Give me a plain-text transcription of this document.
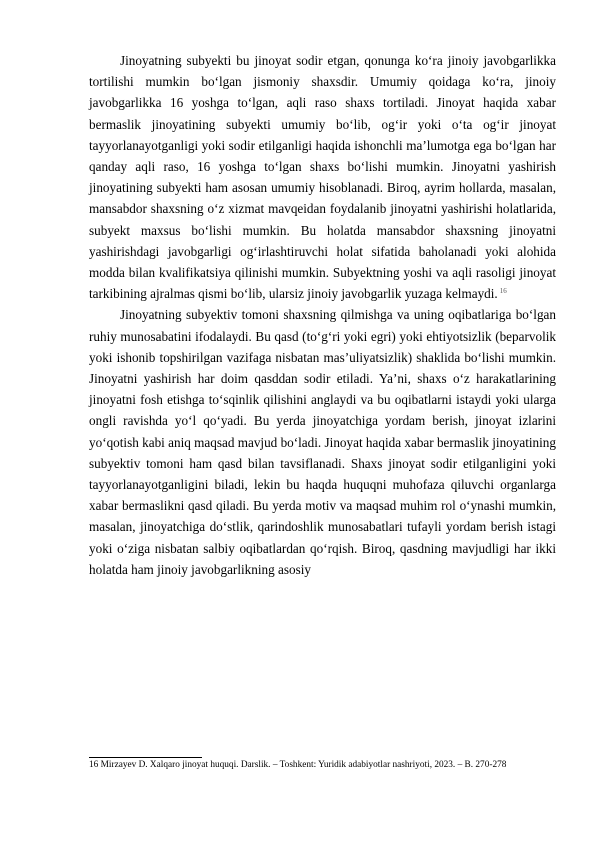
Jinoyatning subyekti bu jinoyat sodir etgan, qonunga koʻra jinoiy javobgarlikka tortilishi mumkin boʻlgan jismoniy shaxsdir. Umumiy qoidaga koʻra, jinoiy javobgarlikka 16 yoshga toʻlgan, aqli raso shaxs tortiladi. Jinoyat haqida xabar bermaslik jinoyatining subyekti umumiy boʻlib, ogʻir yoki oʻta ogʻir jinoyat tayyorlanayotganligi yoki sodir etilganligi haqida ishonchli maʼlumotga ega boʻlgan har qanday aqli raso, 16 yoshga toʻlgan shaxs boʻlishi mumkin. Jinoyatni yashirish jinoyatining subyekti ham asosan umumiy hisoblanadi. Biroq, ayrim hollarda, masalan, mansabdor shaxsning oʻz xizmat mavqeidan foydalanib jinoyatni yashirishi holatlarida, subyekt maxsus boʻlishi mumkin. Bu holatda mansabdor shaxsning jinoyatni yashirishdagi javobgarligi ogʻirlashtiruvchi holat sifatida baholanadi yoki alohida modda bilan kvalifikatsiya qilinishi mumkin. Subyektning yoshi va aqli rasoligi jinoyat tarkibining ajralmas qismi boʻlib, ularsiz jinoiy javobgarlik yuzaga kelmaydi. $^{16}$

Jinoyatning subyektiv tomoni shaxsning qilmishga va uning oqibatlariga boʻlgan ruhiy munosabatini ifodalaydi. Bu qasd (toʻgʻri yoki egri) yoki ehtiyotsizlik (beparvolik yoki ishonib topshirilgan vazifaga nisbatan masʼuliyatsizlik) shaklida boʻlishi mumkin. Jinoyatni yashirish har doim qasddan sodir etiladi. Yaʼni, shaxs oʻz harakatlarining jinoyatni fosh etishga toʻsqinlik qilishini anglaydi va bu oqibatlarni istaydi yoki ularga ongli ravishda yoʻl qoʻyadi. Bu yerda jinoyatchiga yordam berish, jinoyat izlarini yoʻqotish kabi aniq maqsad mavjud boʻladi. Jinoyat haqida xabar bermaslik jinoyatining subyektiv tomoni ham qasd bilan tavsiflanadi. Shaxs jinoyat sodir etilganligini yoki tayyorlanayotganligini biladi, lekin bu haqda huquqni muhofaza qiluvchi organlarga xabar bermaslikni qasd qiladi. Bu yerda motiv va maqsad muhim rol oʻynashi mumkin, masalan, jinoyatchiga doʻstlik, qarindoshlik munosabatlari tufayli yordam berish istagi yoki oʻziga nisbatan salbiy oqibatlardan qoʻrqish. Biroq, qasdning mavjudligi har ikki holatda ham jinoiy javobgarlikning asosiy

16 Mirzayev D. Xalqaro jinoyat huquqi. Darslik. – Toshkent: Yuridik adabiyotlar nashriyoti, 2023. – B. 270-278
